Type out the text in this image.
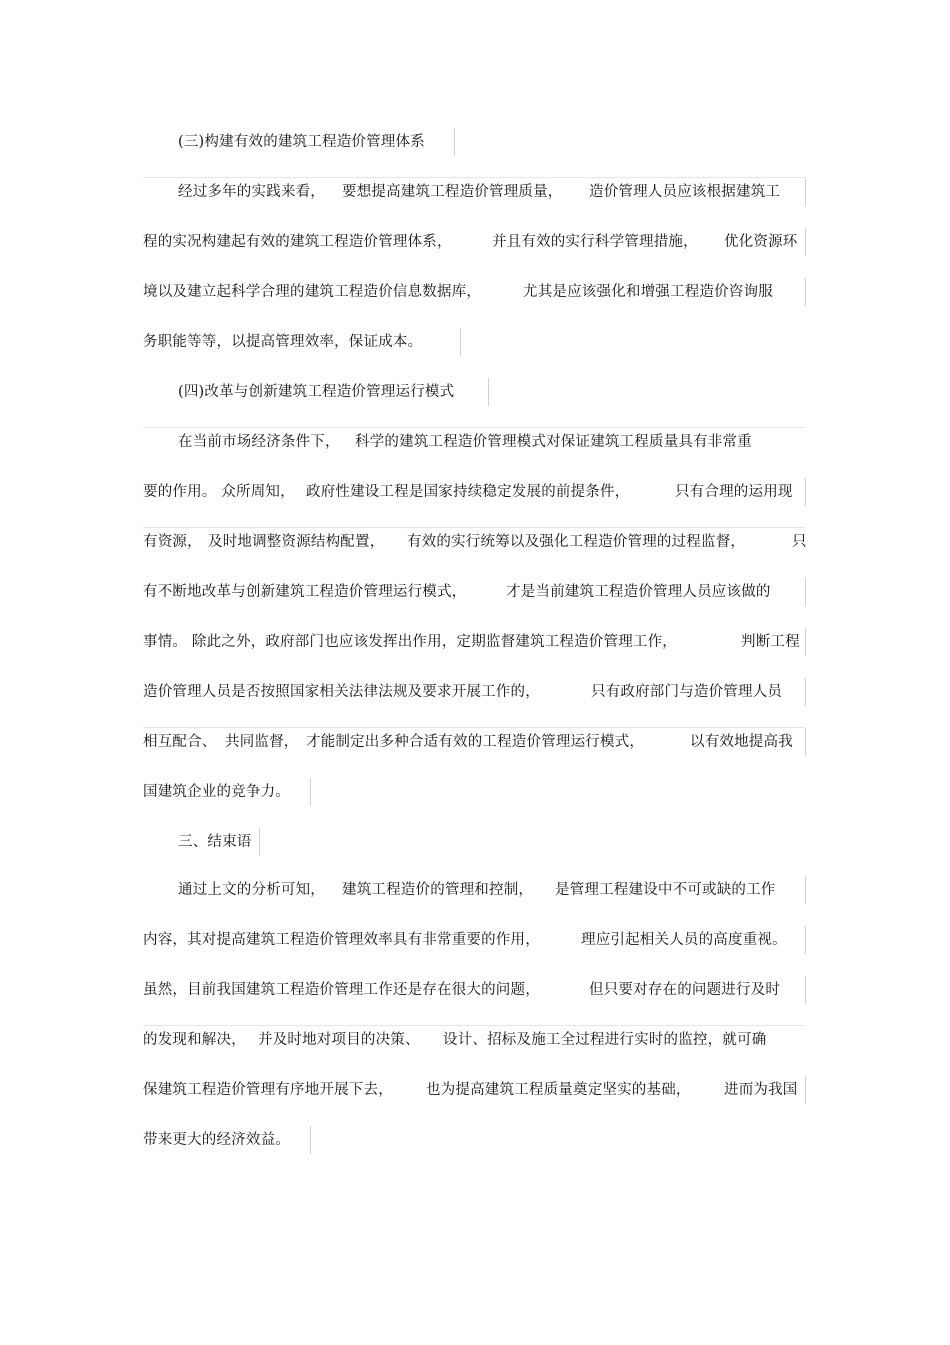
(三)构建有效的建筑工程造价管理体系
经过多年的实践来看， 要想提高建筑工程造价管理质量， 造价管理人员应该根据建筑工
程的实况构建起有效的建筑工程造价管理体系，	并且有效的实行科学管理措施， 优化资源环
境以及建立起科学合理的建筑工程造价信息数据库，	尤其是应该强化和增强工程造价咨询服
务职能等等，以提高管理效率，保证成本。
(四)改革与创新建筑工程造价管理运行模式
在当前市场经济条件下， 科学的建筑工程造价管理模式对保证建筑工程质量具有非常重
要的作用。 众所周知， 政府性建设工程是国家持续稳定发展的前提条件，	只有合理的运用现
有资源， 及时地调整资源结构配置， 有效的实行统筹以及强化工程造价管理的过程监督，	只
有不断地改革与创新建筑工程造价管理运行模式，	才是当前建筑工程造价管理人员应该做的
事情。 除此之外，政府部门也应该发挥出作用，定期监督建筑工程造价管理工作，	判断工程
造价管理人员是否按照国家相关法律法规及要求开展工作的，	只有政府部门与造价管理人员
相互配合、 共同监督， 才能制定出多种合适有效的工程造价管理运行模式，	以有效地提高我
国建筑企业的竞争力。
三、结束语
通过上文的分析可知， 建筑工程造价的管理和控制， 是管理工程建设中不可或缺的工作
内容，其对提高建筑工程造价管理效率具有非常重要的作用，	理应引起相关人员的高度重视。
虽然，目前我国建筑工程造价管理工作还是存在很大的问题，	但只要对存在的问题进行及时
的发现和解决， 并及时地对项目的决策、 设计、招标及施工全过程进行实时的监控，就可确
保建筑工程造价管理有序地开展下去， 也为提高建筑工程质量奠定坚实的基础， 进而为我国
带来更大的经济效益。
